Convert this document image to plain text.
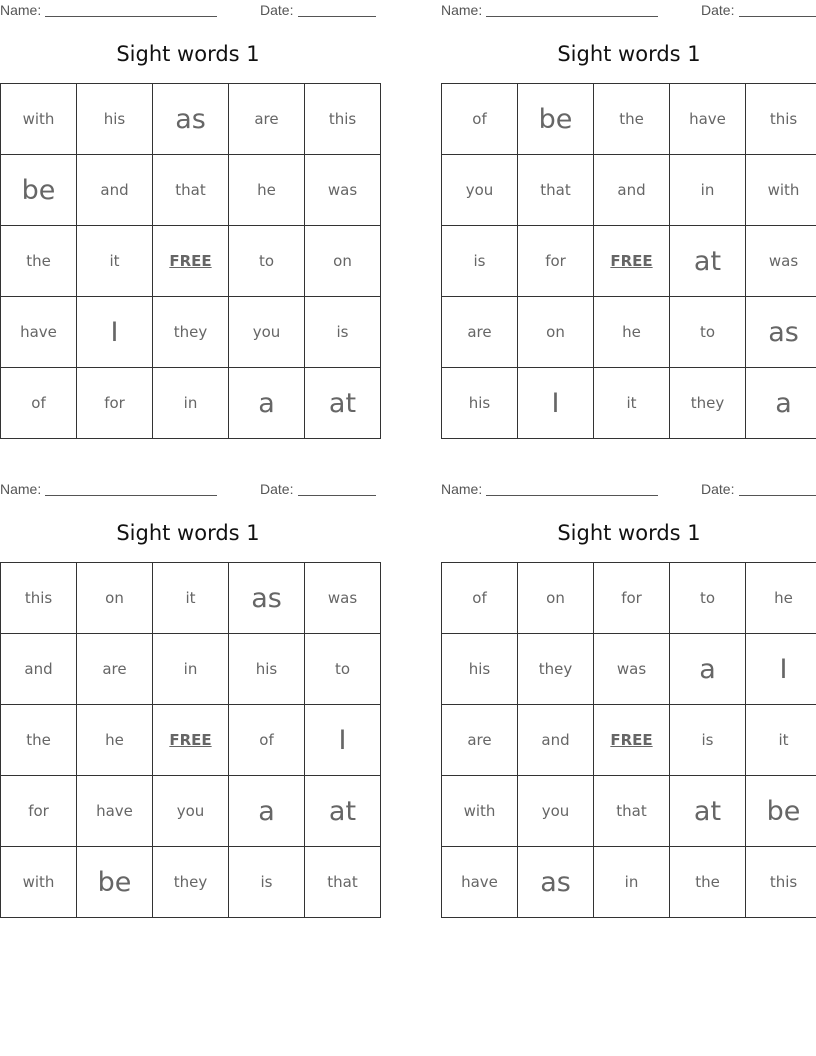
Name:	Date:
Sight words 1
with	his	as	are	this
be	and	that	he	was
the	it	FREE	to	on
have	I	they	you	is
of	for	in	a	at
Name:	Date:
Sight words 1
of	be	the	have	this
you	that	and	in	with
is	for	FREE	at	was
are	on	he	to	as
his	I	it	they	a
Name:	Date:
Sight words 1
this	on	it	as	was
and	are	in	his	to
the	he	FREE	of	I
for	have	you	a	at
with	be	they	is	that
Name:	Date:
Sight words 1
of	on	for	to	he
his	they	was	a	I
are	and	FREE	is	it
with	you	that	at	be
have	as	in	the	this
